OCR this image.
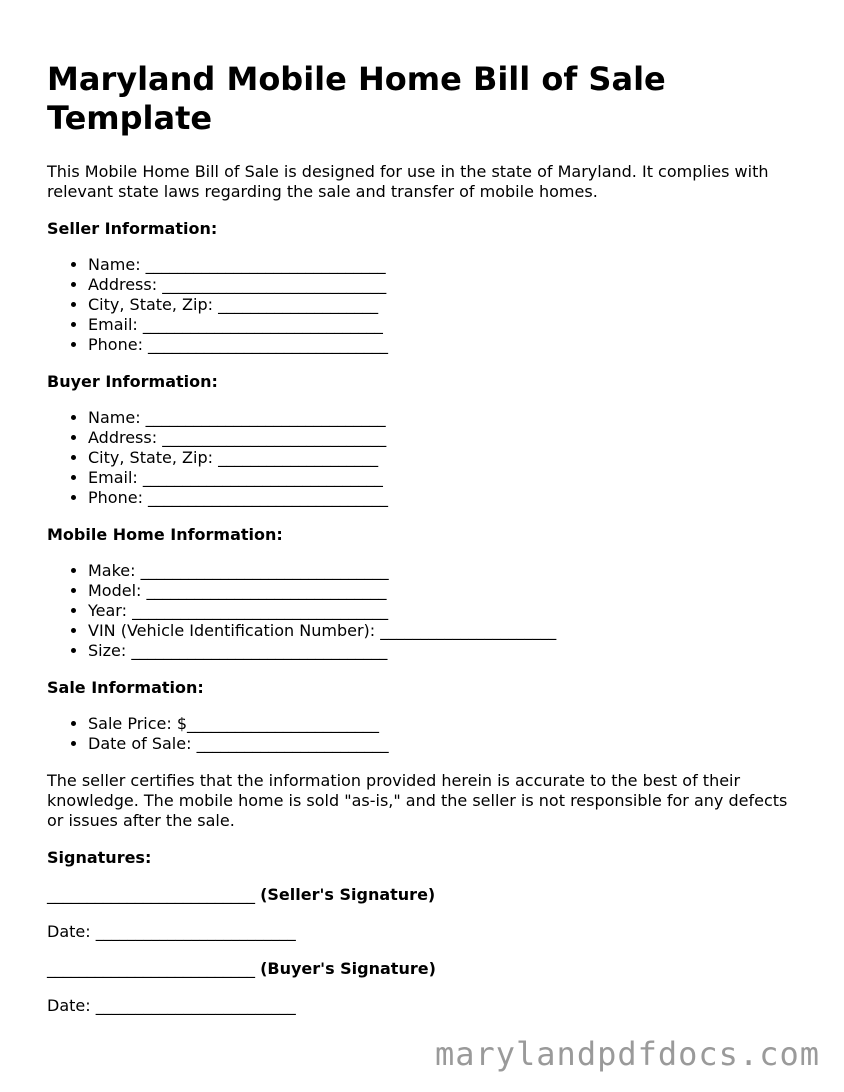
Maryland Mobile Home Bill of Sale Template

This Mobile Home Bill of Sale is designed for use in the state of Maryland. It complies with relevant state laws regarding the sale and transfer of mobile homes.

Seller Information:
• Name: ______________________________
• Address: ____________________________
• City, State, Zip: ____________________
• Email: ______________________________
• Phone: ______________________________
Buyer Information:
• Name: ______________________________
• Address: ____________________________
• City, State, Zip: ____________________
• Email: ______________________________
• Phone: ______________________________
Mobile Home Information:
• Make: _______________________________
• Model: ______________________________
• Year: ________________________________
• VIN (Vehicle Identification Number): ______________________
• Size: ________________________________
Sale Information:
• Sale Price: $________________________
• Date of Sale: ________________________

The seller certifies that the information provided herein is accurate to the best of their knowledge. The mobile home is sold "as-is," and the seller is not responsible for any defects or issues after the sale.

Signatures:
__________________________ (Seller's Signature)
Date: _________________________
__________________________ (Buyer's Signature)
Date: _________________________
marylandpdfdocs.com
